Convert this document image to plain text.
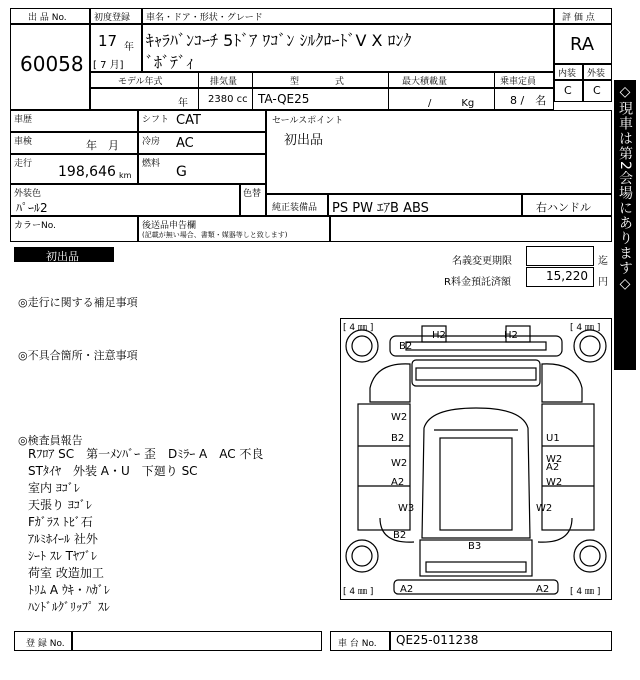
出 品 No.
60058
初度登録
17 年
[ 7 月]
車名・ドア・形状・グレード
ｷｬﾗﾊﾞﾝｺｰﾁ 5ﾄﾞｱ ﾜｺﾞﾝ ｼﾙｸﾛｰﾄﾞV X ﾛﾝｸ
ﾞﾎﾞﾃﾞｨ
評 価 点
RA
内装 外装
C C
モデル年式	排気量	型　　　　式	最大積載量	乗車定員
年 2380 cc TA-QE25	/　　　Kg	8 /　名
車歴	シフト CAT
車検	年　月	冷房 AC
走行 198,646 km
燃料 G
セールスポイント
初出品
外装色
ﾊﾟｰﾙ2
色替
純正装備品 PS PW ｴｱB ABS	右ハンドル
カラーNo.	後送品申告欄
(記載が無い場合、書類・媒器等しと致します)
初出品	名義変更期限	迄
R料金預託済額	15,220 円
◎走行に関する補足事項
◎不具合箇所・注意事項
◎検査員報告
Rﾌﾛｱ SC　第一ﾒﾝﾊﾞｰ 歪　Dﾐﾗｰ A　AC 不良
STﾀｲﾔ　外装 A・U　下廻り SC
室内 ﾖｺﾞﾚ
天張り ﾖｺﾞﾚ
Fｶﾞﾗｽ ﾄﾋﾞ石
ｱﾙﾐﾎｲｰﾙ 社外
ｼｰﾄ ｽﾚ Tﾔﾌﾞﾚ
荷室 改造加工
ﾄﾘﾑ A ｳｷ・ﾊｶﾞﾚ
ﾊﾝﾄﾞﾙｸﾞﾘｯﾌﾟ ｽﾚ
[ 4 ㎜ ]	[ 4 ㎜ ]
[ 4 ㎜ ]	[ 4 ㎜ ]
B2
H2	H2
W2
B2
W2
A2
W3
B2
U1
W2
A2
W2
W2
B3
A2	A2
登 録 No.	車 台 No. QE25-011238
◇現車は第2会場にあります◇
